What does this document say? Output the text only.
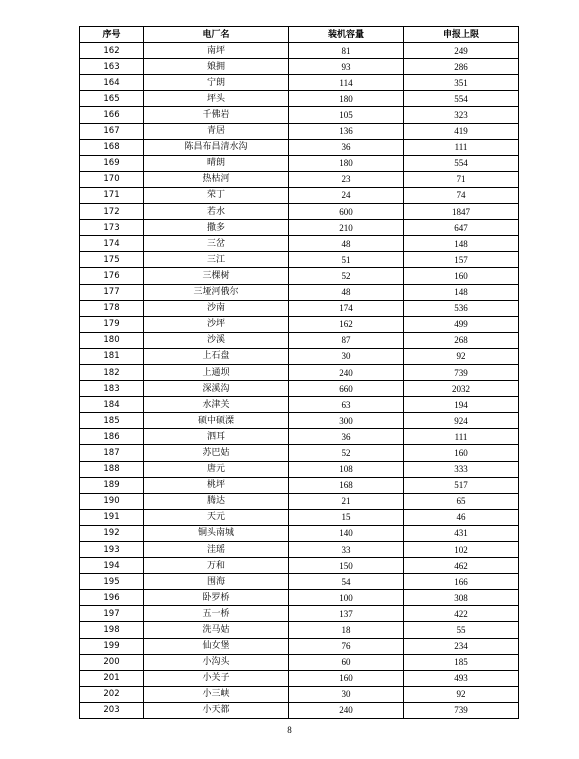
序号	电厂名	装机容量	申报上限
162	南坪	81	249
163	娘拥	93	286
164	宁朗	114	351
165	坪头	180	554
166	千佛岩	105	323
167	青居	136	419
168	陈昌布昌清水沟	36	111
169	晴朗	180	554
170	热枯河	23	71
171	荣丁	24	74
172	若水	600	1847
173	撒多	210	647
174	三岔	48	148
175	三江	51	157
176	三棵树	52	160
177	三垭河俄尔	48	148
178	沙南	174	536
179	沙坪	162	499
180	沙溪	87	268
181	上石盘	30	92
182	上通坝	240	739
183	深溪沟	660	2032
184	水津关	63	194
185	硕中硕溧	300	924
186	泗耳	36	111
187	苏巴姑	52	160
188	唐元	108	333
189	桃坪	168	517
190	腾达	21	65
191	天元	15	46
192	铜头南城	140	431
193	洼瑶	33	102
194	万和	150	462
195	围海	54	166
196	卧罗桥	100	308
197	五一桥	137	422
198	洗马姑	18	55
199	仙女堡	76	234
200	小沟头	60	185
201	小关子	160	493
202	小三峡	30	92
203	小天都	240	739
8
